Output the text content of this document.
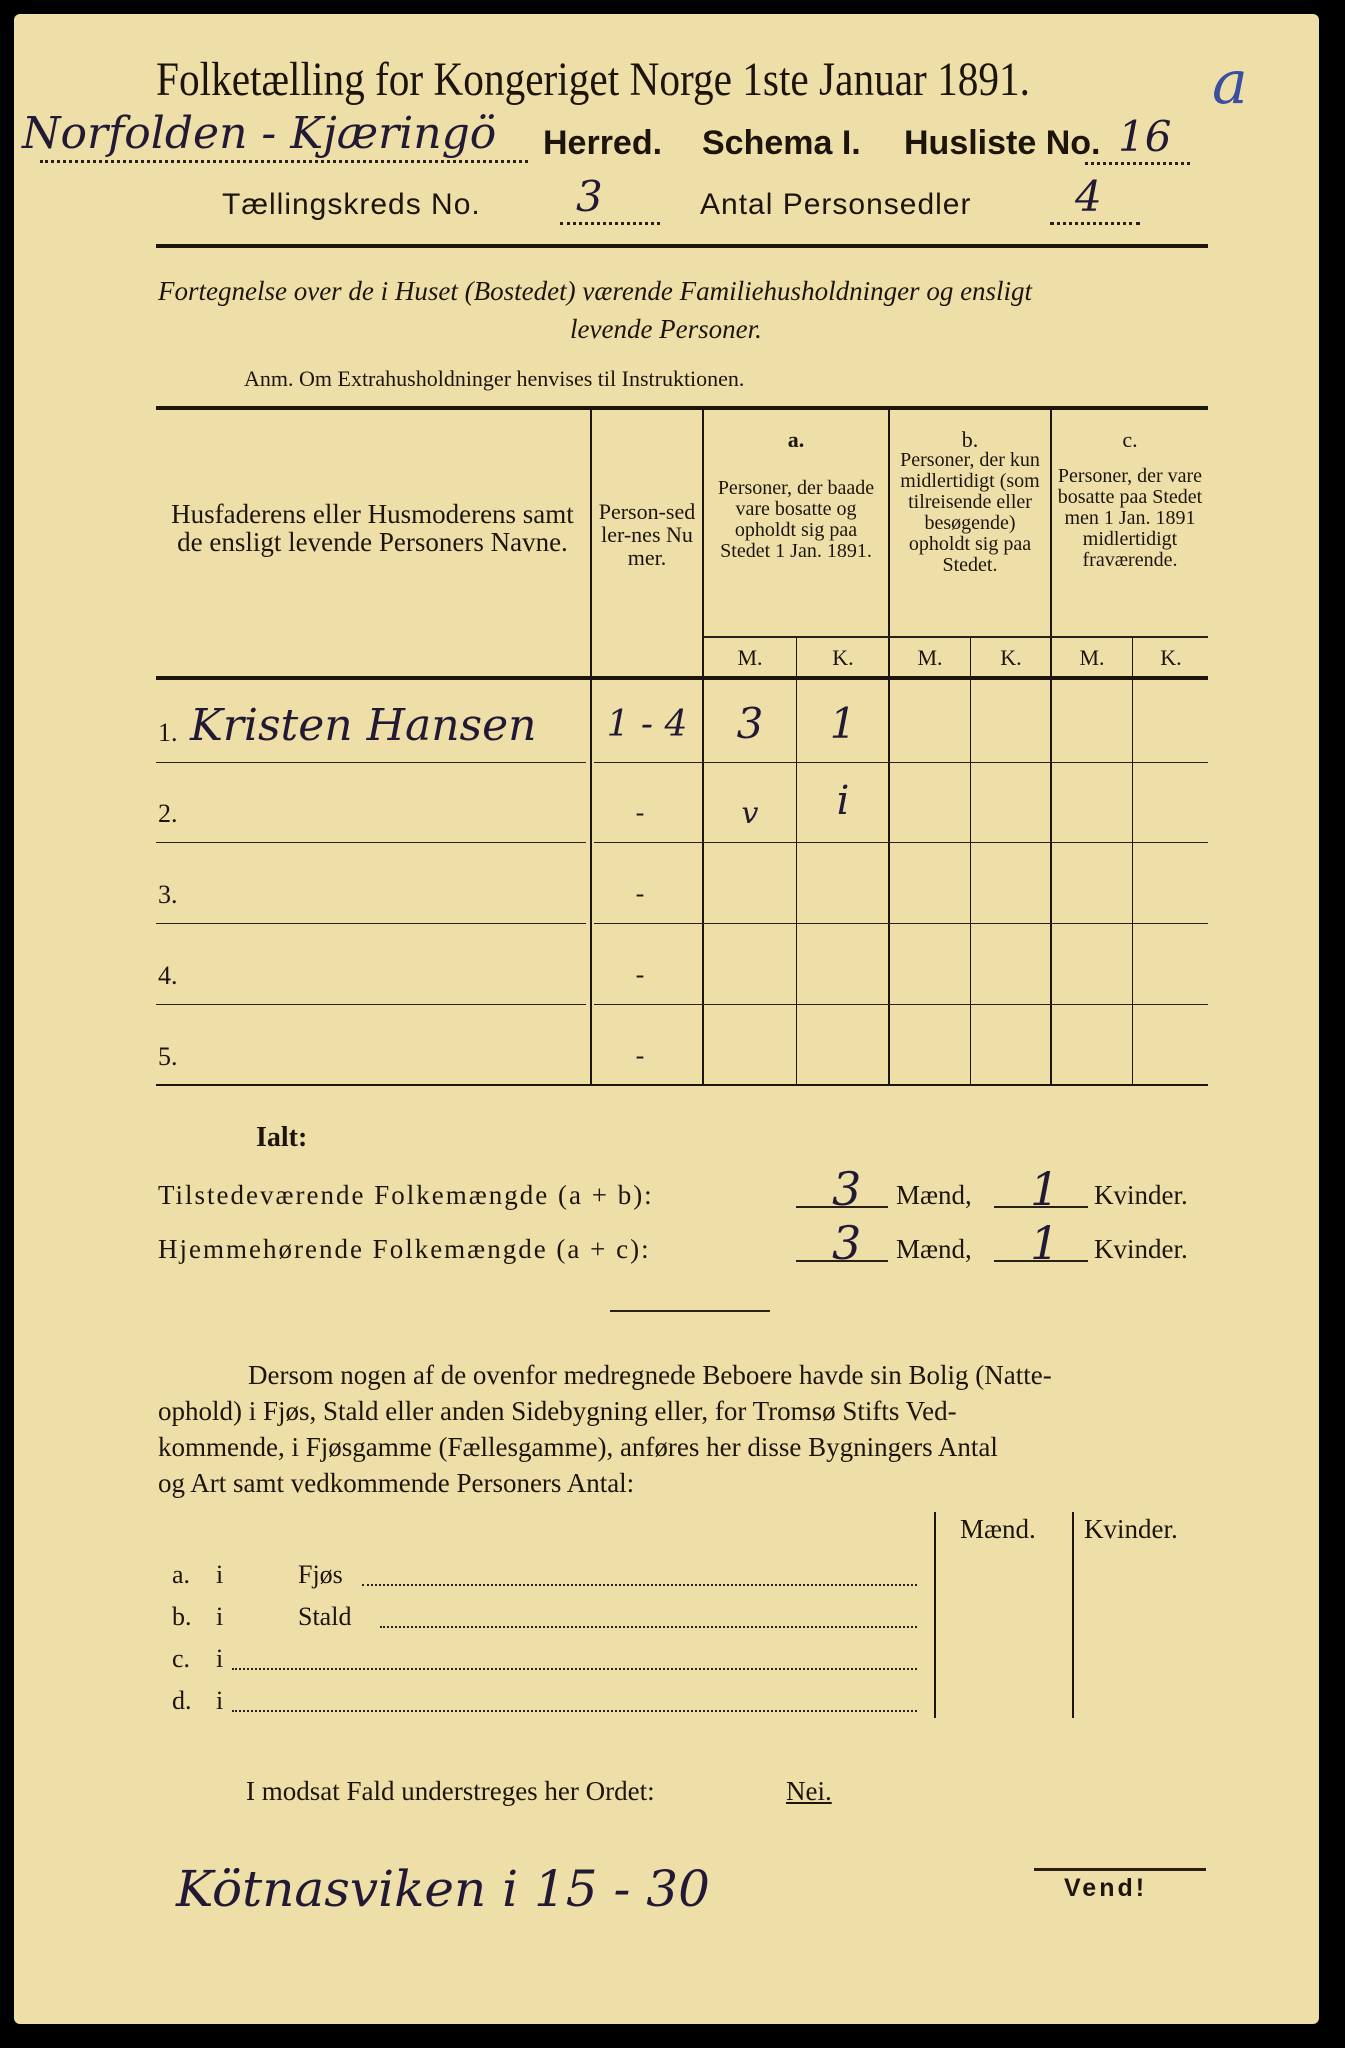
Folketælling for Kongeriget Norge 1ste Januar 1891.	a
Norfolden - Kjæringö Herred. Schema I. Husliste No. 16
Tællingskreds No. 3	Antal Personsedler 4
Fortegnelse over de i Huset (Bostedet) værende Familiehusholdninger og ensligt
levende Personer.
Anm. Om Extrahusholdninger henvises til Instruktionen.
Husfaderens eller Husmoderens samt de ensligt levende Personers Navne.
Person-sedler-nes Numer.
a.
Personer, der baade vare bosatte og opholdt sig paa Stedet 1 Jan. 1891.
b.
Personer, der kun midlertidigt (som tilreisende eller besøgende) opholdt sig paa Stedet.
c.
Personer, der vare bosatte paa Stedet men 1 Jan. 1891 midlertidigt fraværende.
M.	K.	M.	K.	M.	K.
1. Kristen Hansen	1 - 4	3	1
2.	-	v	i
3.	-
4.	-
5.	-
Ialt:
Tilstedeværende Folkemængde (a + b):	3 Mænd, 1 Kvinder.
Hjemmehørende Folkemængde (a + c):	3 Mænd, 1 Kvinder.
Dersom nogen af de ovenfor medregnede Beboere havde sin Bolig (Natte-
ophold) i Fjøs, Stald eller anden Sidebygning eller, for Tromsø Stifts Ved-
kommende, i Fjøsgamme (Fællesgamme), anføres her disse Bygningers Antal
og Art samt vedkommende Personers Antal:
Mænd. Kvinder.
a. i	Fjøs
b. i	Stald
c. i
d. i
I modsat Fald understreges her Ordet:	Nei.
Kötnasviken i 15 - 30	Vend!
